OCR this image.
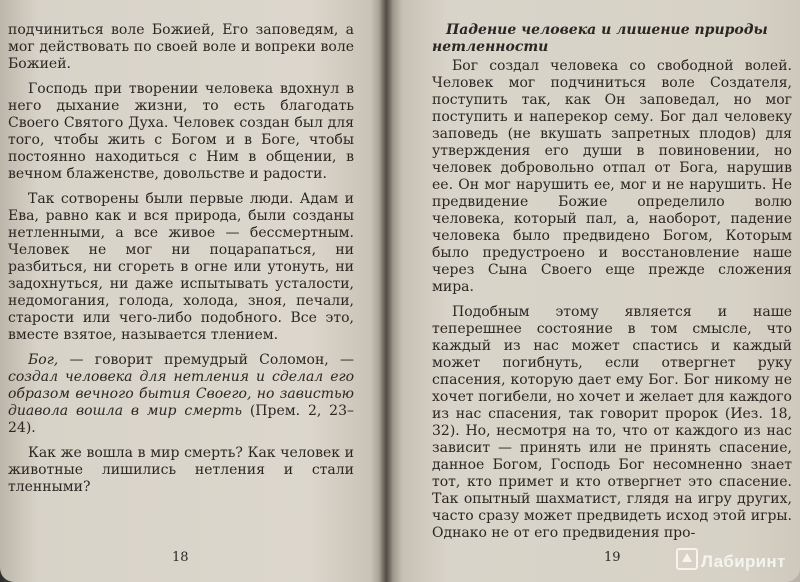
подчиниться воле Божией, Его заповедям, а мог действовать по своей воле и вопреки воле Божией.

Господь при творении человека вдохнул в него дыхание жизни, то есть благодать Своего Святого Духа. Человек создан был для того, чтобы жить с Богом и в Боге, чтобы постоянно находиться с Ним в общении, в вечном блаженстве, довольстве и радости.

Так сотворены были первые люди. Адам и Ева, равно как и вся природа, были созданы нетленными, а все живое — бессмертным. Человек не мог ни поцарапаться, ни разбиться, ни сгореть в огне или утонуть, ни задохнуться, ни даже испытывать усталости, недомогания, голода, холода, зноя, печали, старости или чего-либо подобного. Все это, вместе взятое, называется тлением.

Бог, — говорит премудрый Соломон, — создал человека для нетления и сделал его образом вечного бытия Своего, но завистью диавола вошла в мир смерть (Прем. 2, 23–24).

Как же вошла в мир смерть? Как человек и животные лишились нетления и стали тленными?

18
Падение человека и лишение природы нетленности

Бог создал человека со свободной волей. Человек мог подчиниться воле Создателя, поступить так, как Он заповедал, но мог поступить и наперекор сему. Бог дал человеку заповедь (не вкушать запретных плодов) для утверждения его души в повиновении, но человек добровольно отпал от Бога, нарушив ее. Он мог нарушить ее, мог и не нарушить. Не предвидение Божие определило волю человека, который пал, а, наоборот, падение человека было предвидено Богом, Которым было предустроено и восстановление наше через Сына Своего еще прежде сложения мира.

Подобным этому является и наше теперешнее состояние в том смысле, что каждый из нас может спастись и каждый может погибнуть, если отвергнет руку спасения, которую дает ему Бог. Бог никому не хочет погибели, но хочет и желает для каждого из нас спасения, так говорит пророк (Иез. 18, 32). Но, несмотря на то, что от каждого из нас зависит — принять или не принять спасение, данное Богом, Господь Бог несомненно знает тот, кто примет и кто отвергнет это спасение. Так опытный шахматист, глядя на игру других, часто сразу может предвидеть исход этой игры. Однако не от его предвидения про-

19	Лабиринт
